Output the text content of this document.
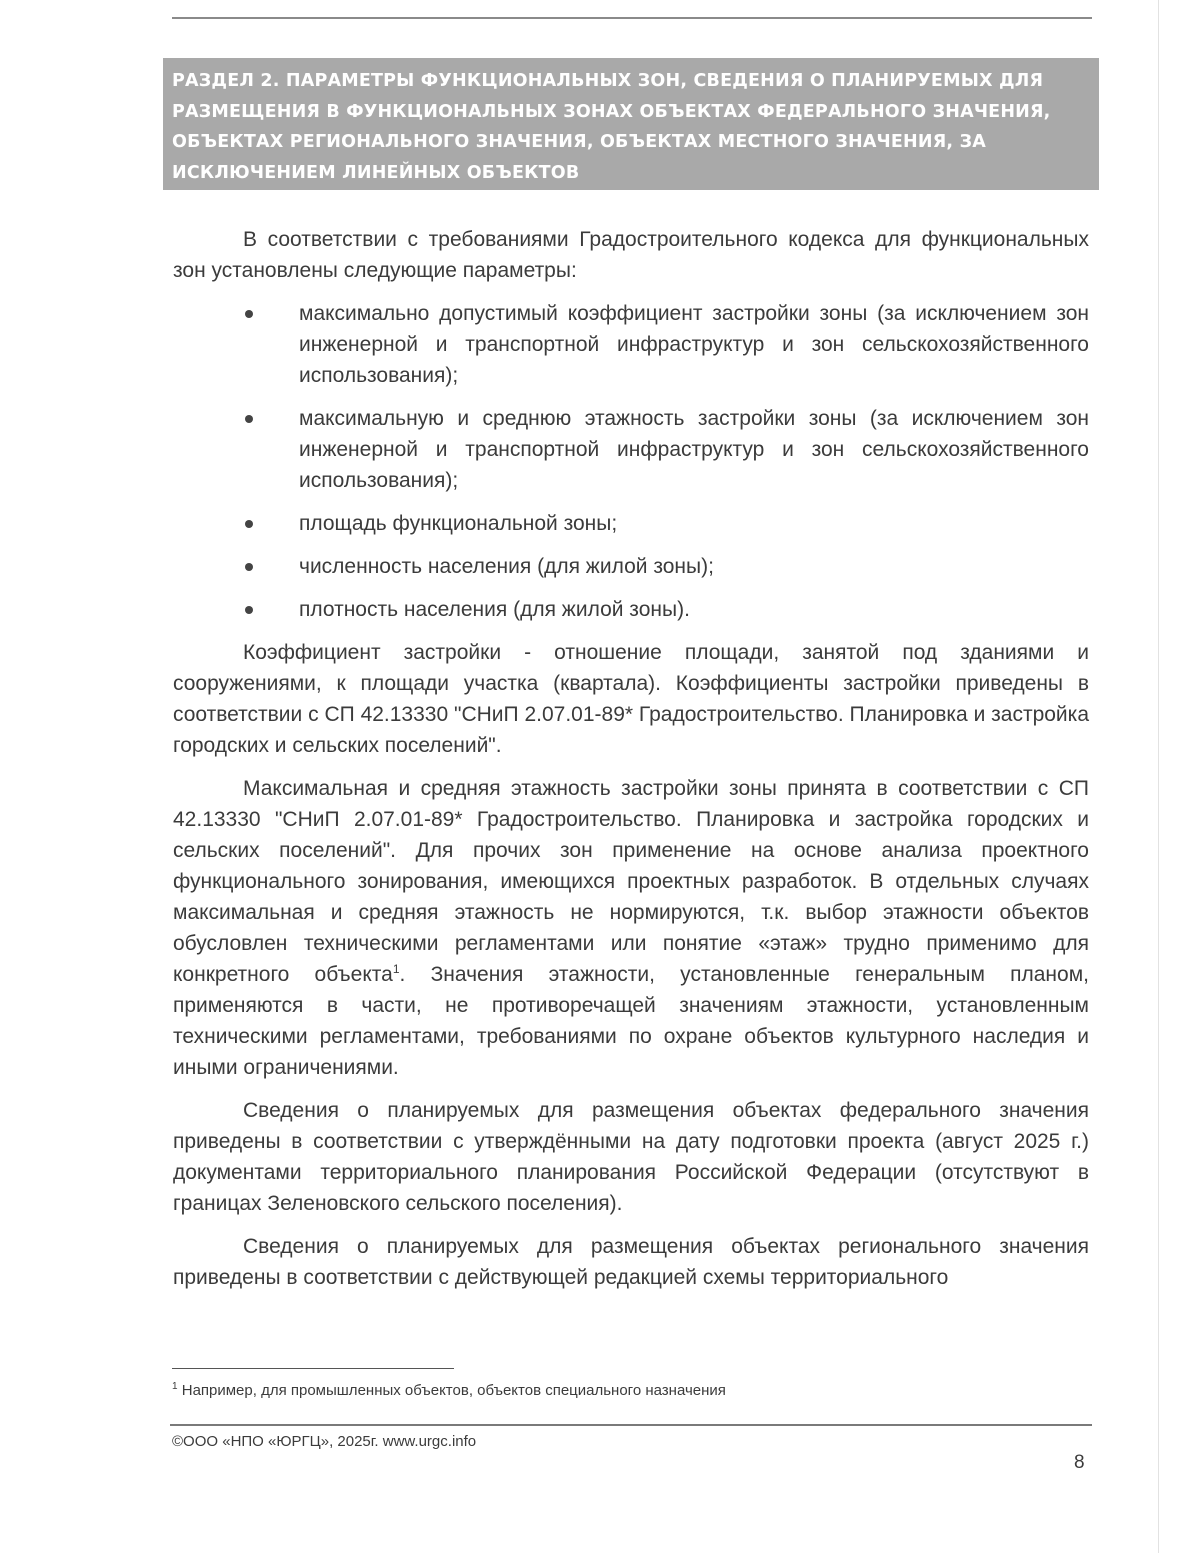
РАЗДЕЛ 2. ПАРАМЕТРЫ ФУНКЦИОНАЛЬНЫХ ЗОН, СВЕДЕНИЯ О ПЛАНИРУЕМЫХ ДЛЯ РАЗМЕЩЕНИЯ В ФУНКЦИОНАЛЬНЫХ ЗОНАХ ОБЪЕКТАХ ФЕДЕРАЛЬНОГО ЗНАЧЕНИЯ, ОБЪЕКТАХ РЕГИОНАЛЬНОГО ЗНАЧЕНИЯ, ОБЪЕКТАХ МЕСТНОГО ЗНАЧЕНИЯ, ЗА ИСКЛЮЧЕНИЕМ ЛИНЕЙНЫХ ОБЪЕКТОВ

В соответствии с требованиями Градостроительного кодекса для функциональных зон установлены следующие параметры:

максимально допустимый коэффициент застройки зоны (за исключением зон инженерной и транспортной инфраструктур и зон сельскохозяйственного использования);
максимальную и среднюю этажность застройки зоны (за исключением зон инженерной и транспортной инфраструктур и зон сельскохозяйственного использования);
площадь функциональной зоны;
численность населения (для жилой зоны);
плотность населения (для жилой зоны).

Коэффициент застройки - отношение площади, занятой под зданиями и сооружениями, к площади участка (квартала). Коэффициенты застройки приведены в соответствии с СП 42.13330 "СНиП 2.07.01-89* Градостроительство. Планировка и застройка городских и сельских поселений".

Максимальная и средняя этажность застройки зоны принята в соответствии с СП 42.13330 "СНиП 2.07.01-89* Градостроительство. Планировка и застройка городских и сельских поселений". Для прочих зон применение на основе анализа проектного функционального зонирования, имеющихся проектных разработок. В отдельных случаях максимальная и средняя этажность не нормируются, т.к. выбор этажности объектов обусловлен техническими регламентами или понятие «этаж» трудно применимо для конкретного объекта$^1$. Значения этажности, установленные генеральным планом, применяются в части, не противоречащей значениям этажности, установленным техническими регламентами, требованиями по охране объектов культурного наследия и иными ограничениями.

Сведения о планируемых для размещения объектах федерального значения приведены в соответствии с утверждёнными на дату подготовки проекта (август 2025 г.) документами территориального планирования Российской Федерации (отсутствуют в границах Зеленовского сельского поселения).

Сведения о планируемых для размещения объектах регионального значения приведены в соответствии с действующей редакцией схемы территориального

$^1$ Например, для промышленных объектов, объектов специального назначения
©ООО «НПО «ЮРГЦ», 2025г. www.urgc.info
8
